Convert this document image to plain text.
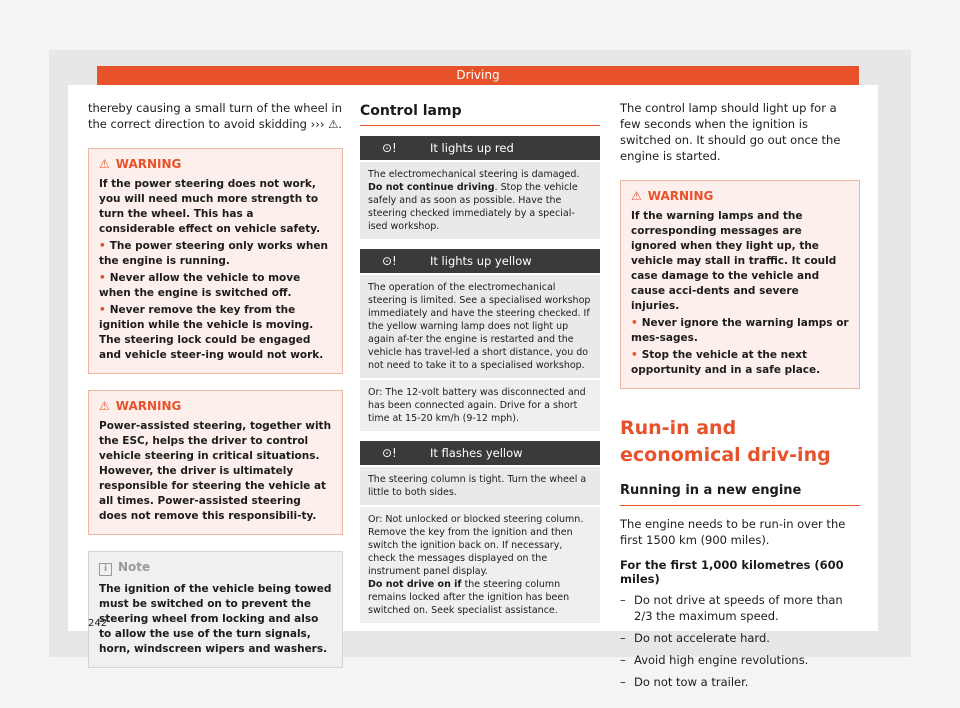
Driving

thereby causing a small turn of the wheel in the correct direction to avoid skidding ››› ⚠.

⚠ WARNING

If the power steering does not work, you will need much more strength to turn the wheel. This has a considerable effect on vehicle safety.

• The power steering only works when the engine is running.
• Never allow the vehicle to move when the engine is switched off.
• Never remove the key from the ignition while the vehicle is moving. The steering lock could be engaged and vehicle steer-ing would not work.
⚠ WARNING

Power-assisted steering, together with the ESC, helps the driver to control vehicle steering in critical situations. However, the driver is ultimately responsible for steering the vehicle at all times. Power-assisted steering does not remove this responsibili-ty.

i Note

The ignition of the vehicle being towed must be switched on to prevent the steering wheel from locking and also to allow the use of the turn signals, horn, windscreen wipers and washers.

Control lamp
⊙!	It lights up red
The electromechanical steering is damaged.
Do not continue driving. Stop the vehicle safely and as soon as possible. Have the steering checked immediately by a special-ised workshop.
⊙!	It lights up yellow
The operation of the electromechanical steering is limited. See a specialised workshop immediately and have the steering checked. If the yellow warning lamp does not light up again af-ter the engine is restarted and the vehicle has travel-led a short distance, you do not need to take it to a specialised workshop.
Or: The 12-volt battery was disconnected and has been connected again. Drive for a short time at 15-20 km/h (9-12 mph).
⊙!	It flashes yellow
The steering column is tight. Turn the wheel a little to both sides.
Or: Not unlocked or blocked steering column. Remove the key from the ignition and then switch the ignition back on. If necessary, check the messages displayed on the instrument panel display.
Do not drive on if the steering column remains locked after the ignition has been switched on. Seek specialist assistance.

The control lamp should light up for a few seconds when the ignition is switched on. It should go out once the engine is started.

⚠ WARNING

If the warning lamps and the corresponding messages are ignored when they light up, the vehicle may stall in traffic. It could case damage to the vehicle and cause acci-dents and severe injuries.

• Never ignore the warning lamps or mes-sages.
• Stop the vehicle at the next opportunity and in a safe place.
Run-in and economical driv-ing
Running in a new engine

The engine needs to be run-in over the first 1500 km (900 miles).

For the first 1,000 kilometres (600 miles)

– Do not drive at speeds of more than 2/3 the maximum speed.
– Do not accelerate hard.
– Avoid high engine revolutions.
– Do not tow a trailer.
242
